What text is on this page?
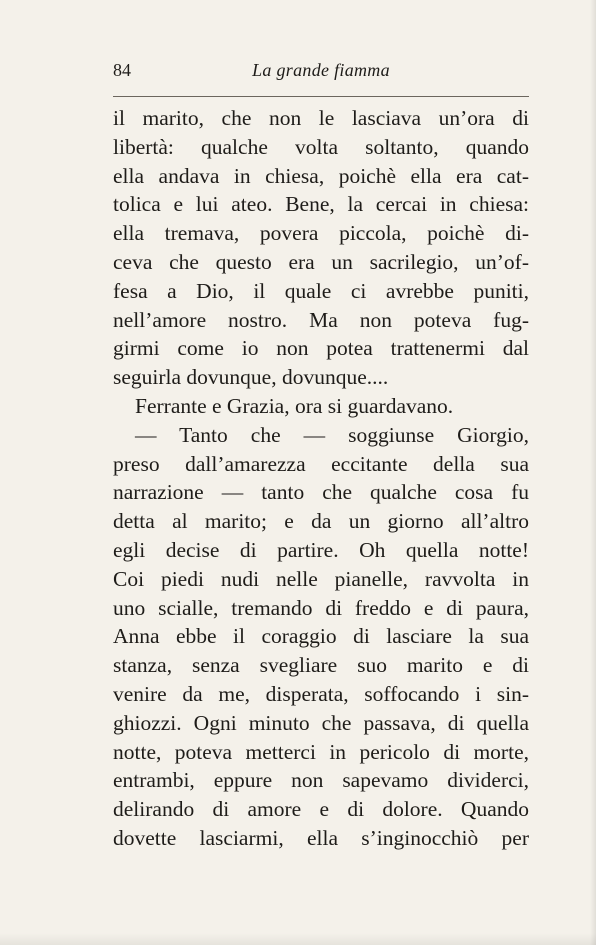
84	La grande fiamma
il marito, che non le lasciava un’ora di
libertà: qualche volta soltanto, quando
ella andava in chiesa, poichè ella era cat-
tolica e lui ateo. Bene, la cercai in chiesa:
ella tremava, povera piccola, poichè di-
ceva che questo era un sacrilegio, un’of-
fesa a Dio, il quale ci avrebbe puniti,
nell’amore nostro. Ma non poteva fug-
girmi come io non potea trattenermi dal
seguirla dovunque, dovunque....
Ferrante e Grazia, ora si guardavano.
— Tanto che — soggiunse Giorgio,
preso dall’amarezza eccitante della sua
narrazione — tanto che qualche cosa fu
detta al marito; e da un giorno all’altro
egli decise di partire. Oh quella notte!
Coi piedi nudi nelle pianelle, ravvolta in
uno scialle, tremando di freddo e di paura,
Anna ebbe il coraggio di lasciare la sua
stanza, senza svegliare suo marito e di
venire da me, disperata, soffocando i sin-
ghiozzi. Ogni minuto che passava, di quella
notte, poteva metterci in pericolo di morte,
entrambi, eppure non sapevamo dividerci,
delirando di amore e di dolore. Quando
dovette lasciarmi, ella s’inginocchiò per
